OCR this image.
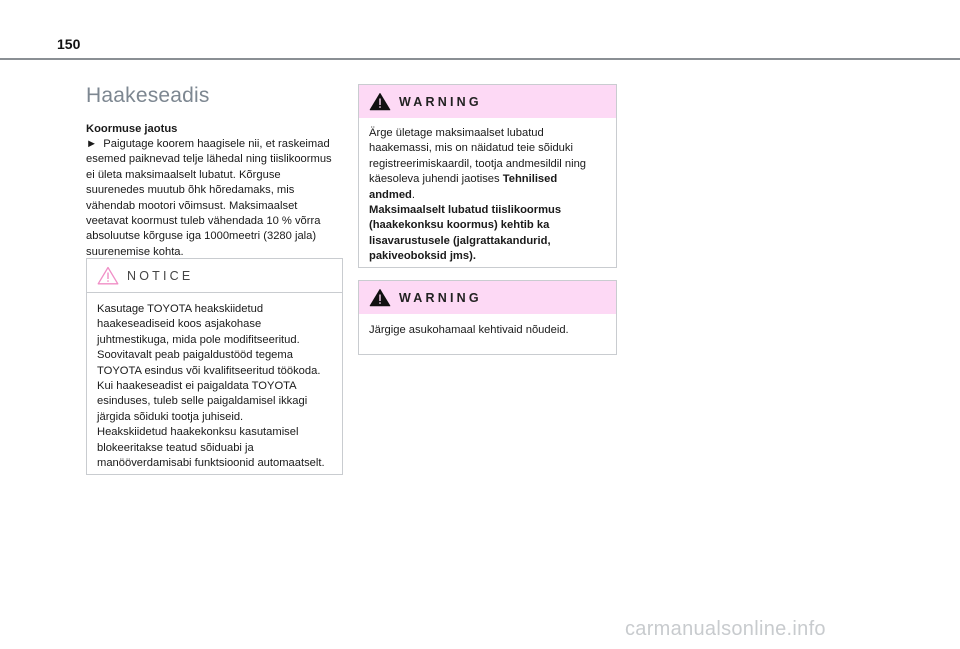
150
Haakeseadis
Koormuse jaotus
► Paigutage koorem haagisele nii, et raskeimad esemed paiknevad telje lähedal ning tiislikoormus ei ületa maksimaalselt lubatut. Kõrguse suurenedes muutub õhk hõredamaks, mis vähendab mootori võimsust. Maksimaalset veetavat koormust tuleb vähendada 10 % võrra absoluutse kõrguse iga 1000meetri (3280 jala) suurenemise kohta.
NOTICE
Kasutage TOYOTA heakskiidetud haakeseadiseid koos asjakohase juhtmestikuga, mida pole modifitseeritud. Soovitavalt peab paigaldustööd tegema TOYOTA esindus või kvalifitseeritud töökoda. Kui haakeseadist ei paigaldata TOYOTA esinduses, tuleb selle paigaldamisel ikkagi järgida sõiduki tootja juhiseid.
Heakskiidetud haakekonksu kasutamisel blokeeritakse teatud sõiduabi ja manööverdamisabi funktsioonid automaatselt.
WARNING
Ärge ületage maksimaalset lubatud haakemassi, mis on näidatud teie sõiduki registreerimiskaardil, tootja andmesildil ning käesoleva juhendi jaotises Tehnilised andmed.
Maksimaalselt lubatud tiislikoormus (haakekonksu koormus) kehtib ka lisavarustusele (jalgrattakandurid, pakiveoboksid jms).
WARNING
Järgige asukohamaal kehtivaid nõudeid.
carmanualsonline.info
